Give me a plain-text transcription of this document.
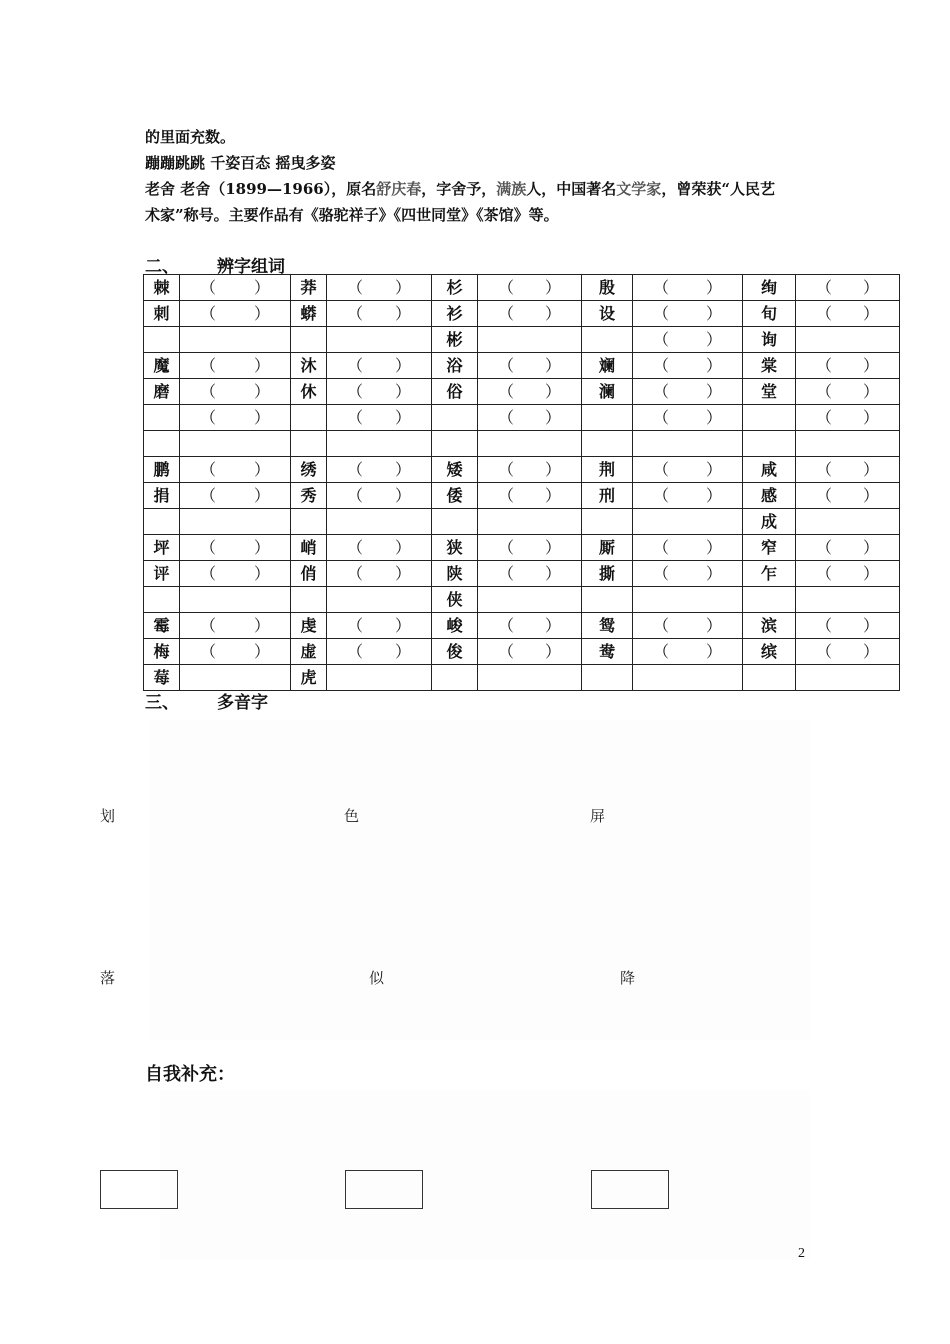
的里面充数。
蹦蹦跳跳 千姿百态 摇曳多姿
老舍 老舍（1899—1966），原名舒庆春，字舍予，满族人，中国著名文学家，曾荣获“人民艺
术家”称号。主要作品有《骆驼祥子》《四世同堂》《茶馆》等。
二、 辨字组词
棘	（ ）	莽	（ ）	杉	（ ）	殷	（ ）	绚	（ ）

刺	（ ）	蟒	（ ）	衫	（ ）	设	（ ）	旬	（ ）

				彬			（ ）	询	
魔	（ ）	沐	（ ）	浴	（ ）	斓	（ ）	棠	（ ）

磨	（ ）	休	（ ）	俗	（ ）	澜	（ ）	堂	（ ）

	（ ）		（ ）		（ ）		（ ）		（ ）

鹏	（ ）	绣	（ ）	矮	（ ）	荆	（ ）	咸	（ ）

捐	（ ）	秀	（ ）	倭	（ ）	刑	（ ）	感	（ ）

								成	
坪	（ ）	峭	（ ）	狭	（ ）	厮	（ ）	窄	（ ）

评	（ ）	俏	（ ）	陕	（ ）	撕	（ ）	乍	（ ）

				侠					
霉	（ ）	虔	（ ）	峻	（ ）	鸳	（ ）	滨	（ ）

梅	（ ）	虚	（ ）	俊	（ ）	鸯	（ ）	缤	（ ）

莓		虎							
三、 多音字
划	色	屏
落	似	降
自我补充：
2
